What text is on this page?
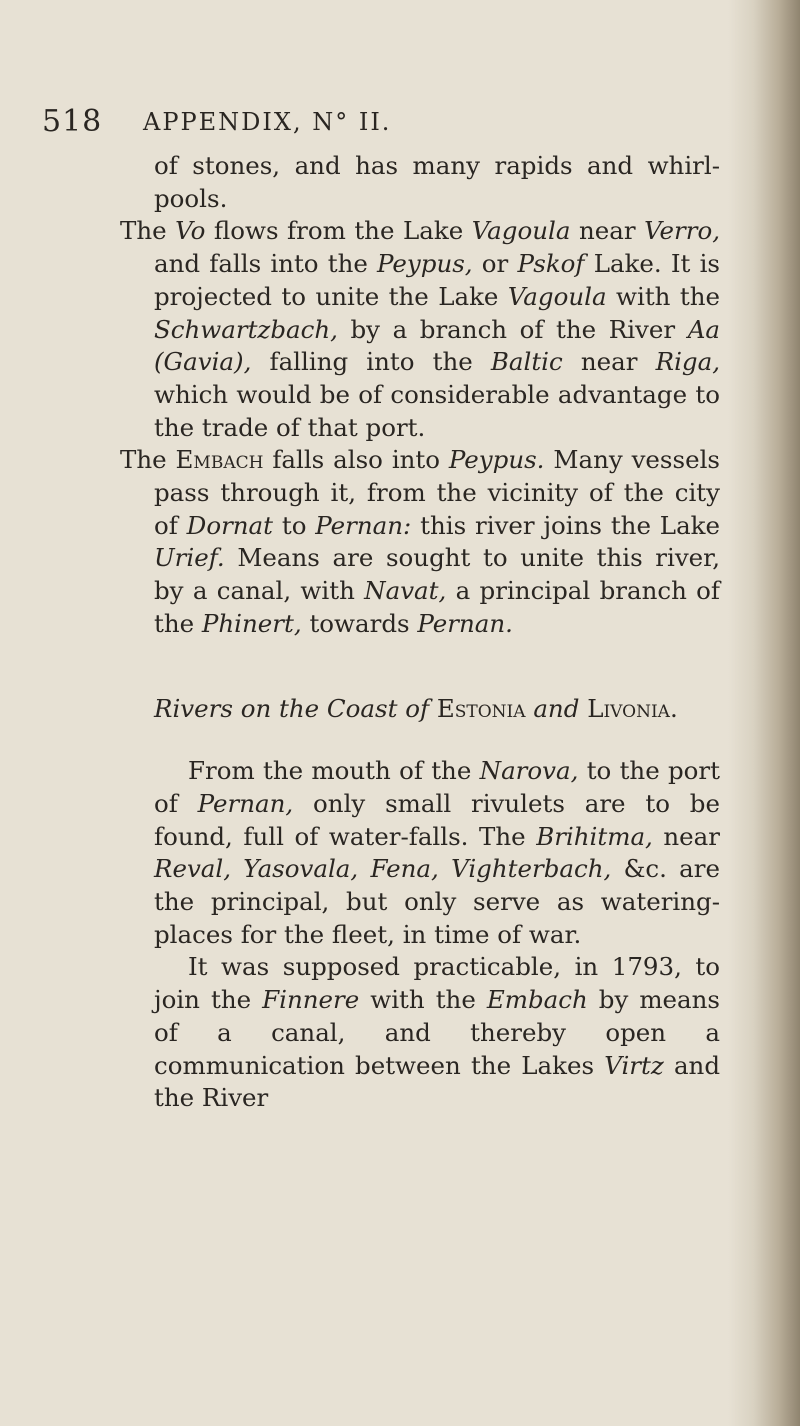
518 APPENDIX, N° II.

of stones, and has many rapids and whirl-pools.

The Vo flows from the Lake Vagoula near Verro, and falls into the Peypus, or Pskof Lake. It is projected to unite the Lake Vagoula with the Schwartzbach, by a branch of the River Aa (Gavia), falling into the Baltic near Riga, which would be of considerable advantage to the trade of that port.

The Embach falls also into Peypus. Many vessels pass through it, from the vicinity of the city of Dornat to Pernan: this river joins the Lake Urief. Means are sought to unite this river, by a canal, with Navat, a principal branch of the Phinert, towards Pernan.

Rivers on the Coast of Estonia and Livonia.

From the mouth of the Narova, to the port of Pernan, only small rivulets are to be found, full of water-falls. The Brihitma, near Reval, Yasovala, Fena, Vighterbach, &c. are the principal, but only serve as watering-places for the fleet, in time of war.

It was supposed practicable, in 1793, to join the Finnere with the Embach by means of a canal, and thereby open a communication between the Lakes Virtz and the River
